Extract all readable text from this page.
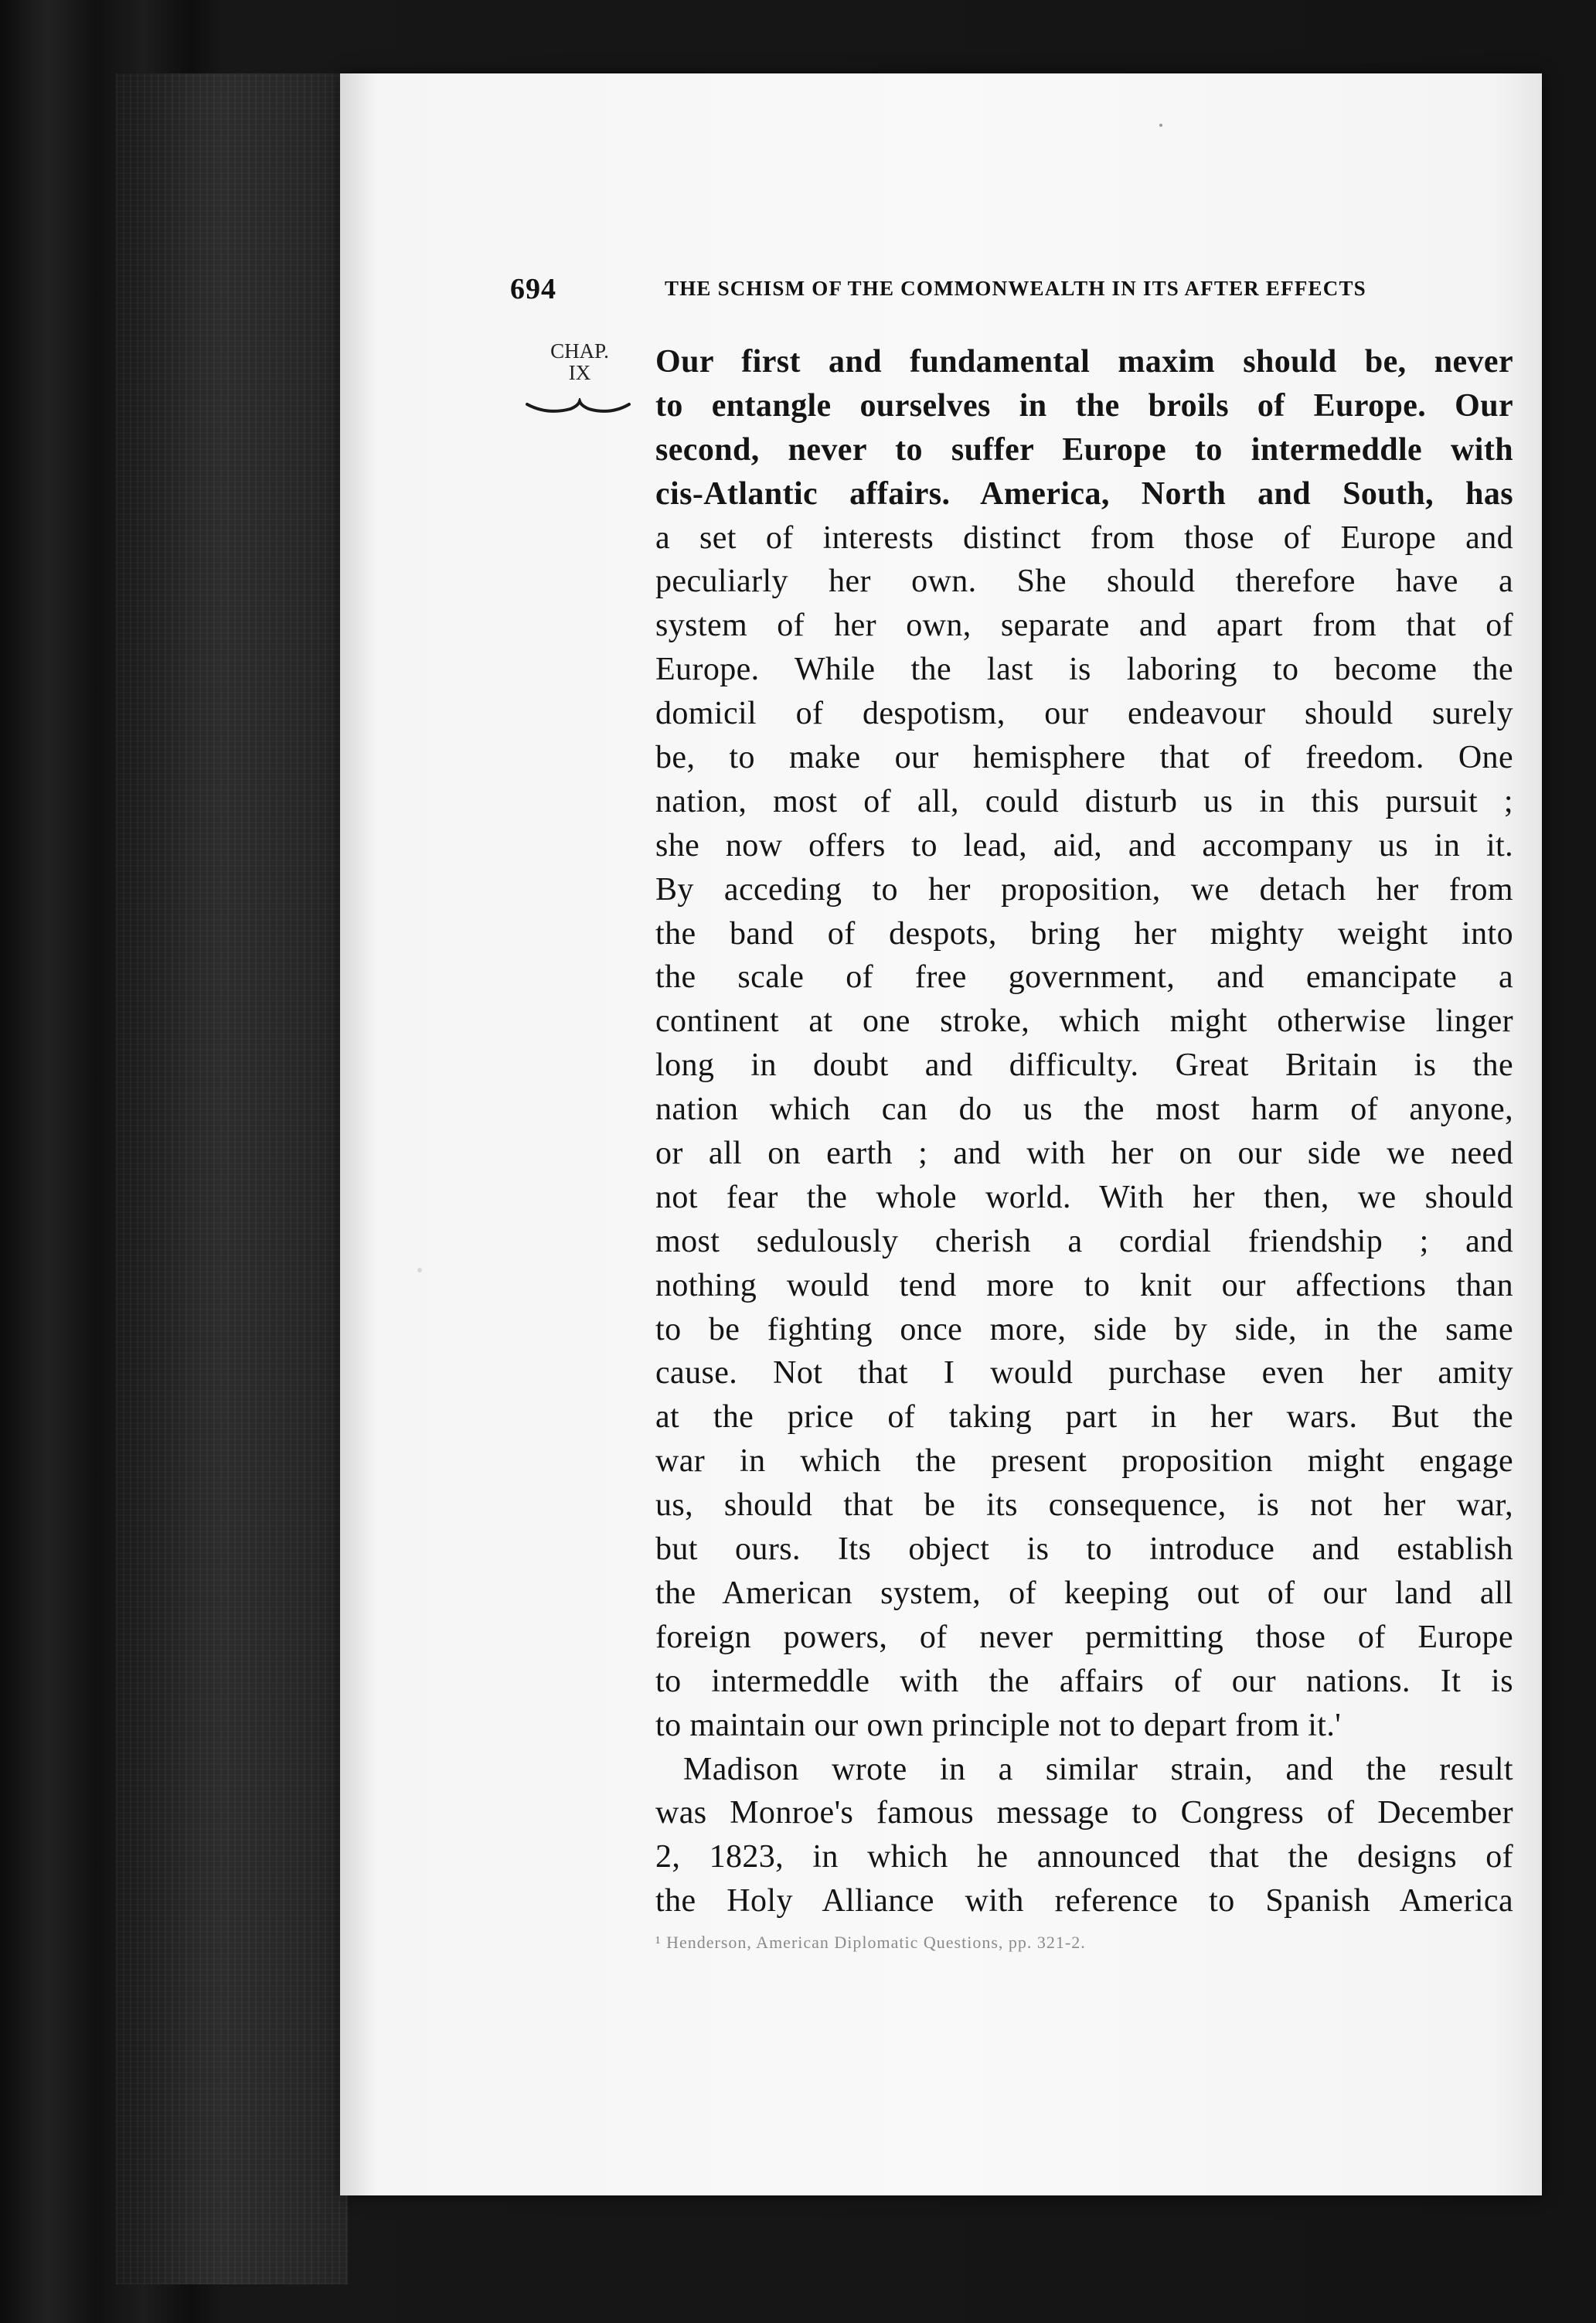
694	THE SCHISM OF THE COMMONWEALTH IN ITS AFTER EFFECTS
CHAP.
IX	Our first and fundamental maxim should be, never
to entangle ourselves in the broils of Europe. Our
second, never to suffer Europe to intermeddle with
cis-Atlantic affairs. America, North and South, has
a set of interests distinct from those of Europe and
peculiarly her own. She should therefore have a
system of her own, separate and apart from that of
Europe. While the last is laboring to become the
domicil of despotism, our endeavour should surely
be, to make our hemisphere that of freedom. One
nation, most of all, could disturb us in this pursuit ;
she now offers to lead, aid, and accompany us in it.
By acceding to her proposition, we detach her from
the band of despots, bring her mighty weight into
the scale of free government, and emancipate a
continent at one stroke, which might otherwise linger
long in doubt and difficulty. Great Britain is the
nation which can do us the most harm of anyone,
or all on earth ; and with her on our side we need
not fear the whole world. With her then, we should
most sedulously cherish a cordial friendship ; and
nothing would tend more to knit our affections than
to be fighting once more, side by side, in the same
cause. Not that I would purchase even her amity
at the price of taking part in her wars. But the
war in which the present proposition might engage
us, should that be its consequence, is not her war,
but ours. Its object is to introduce and establish
the American system, of keeping out of our land all
foreign powers, of never permitting those of Europe
to intermeddle with the affairs of our nations. It is
to maintain our own principle not to depart from it.'
Madison wrote in a similar strain, and the result
was Monroe's famous message to Congress of December
2, 1823, in which he announced that the designs of
the Holy Alliance with reference to Spanish America
¹ Henderson, American Diplomatic Questions, pp. 321-2.
